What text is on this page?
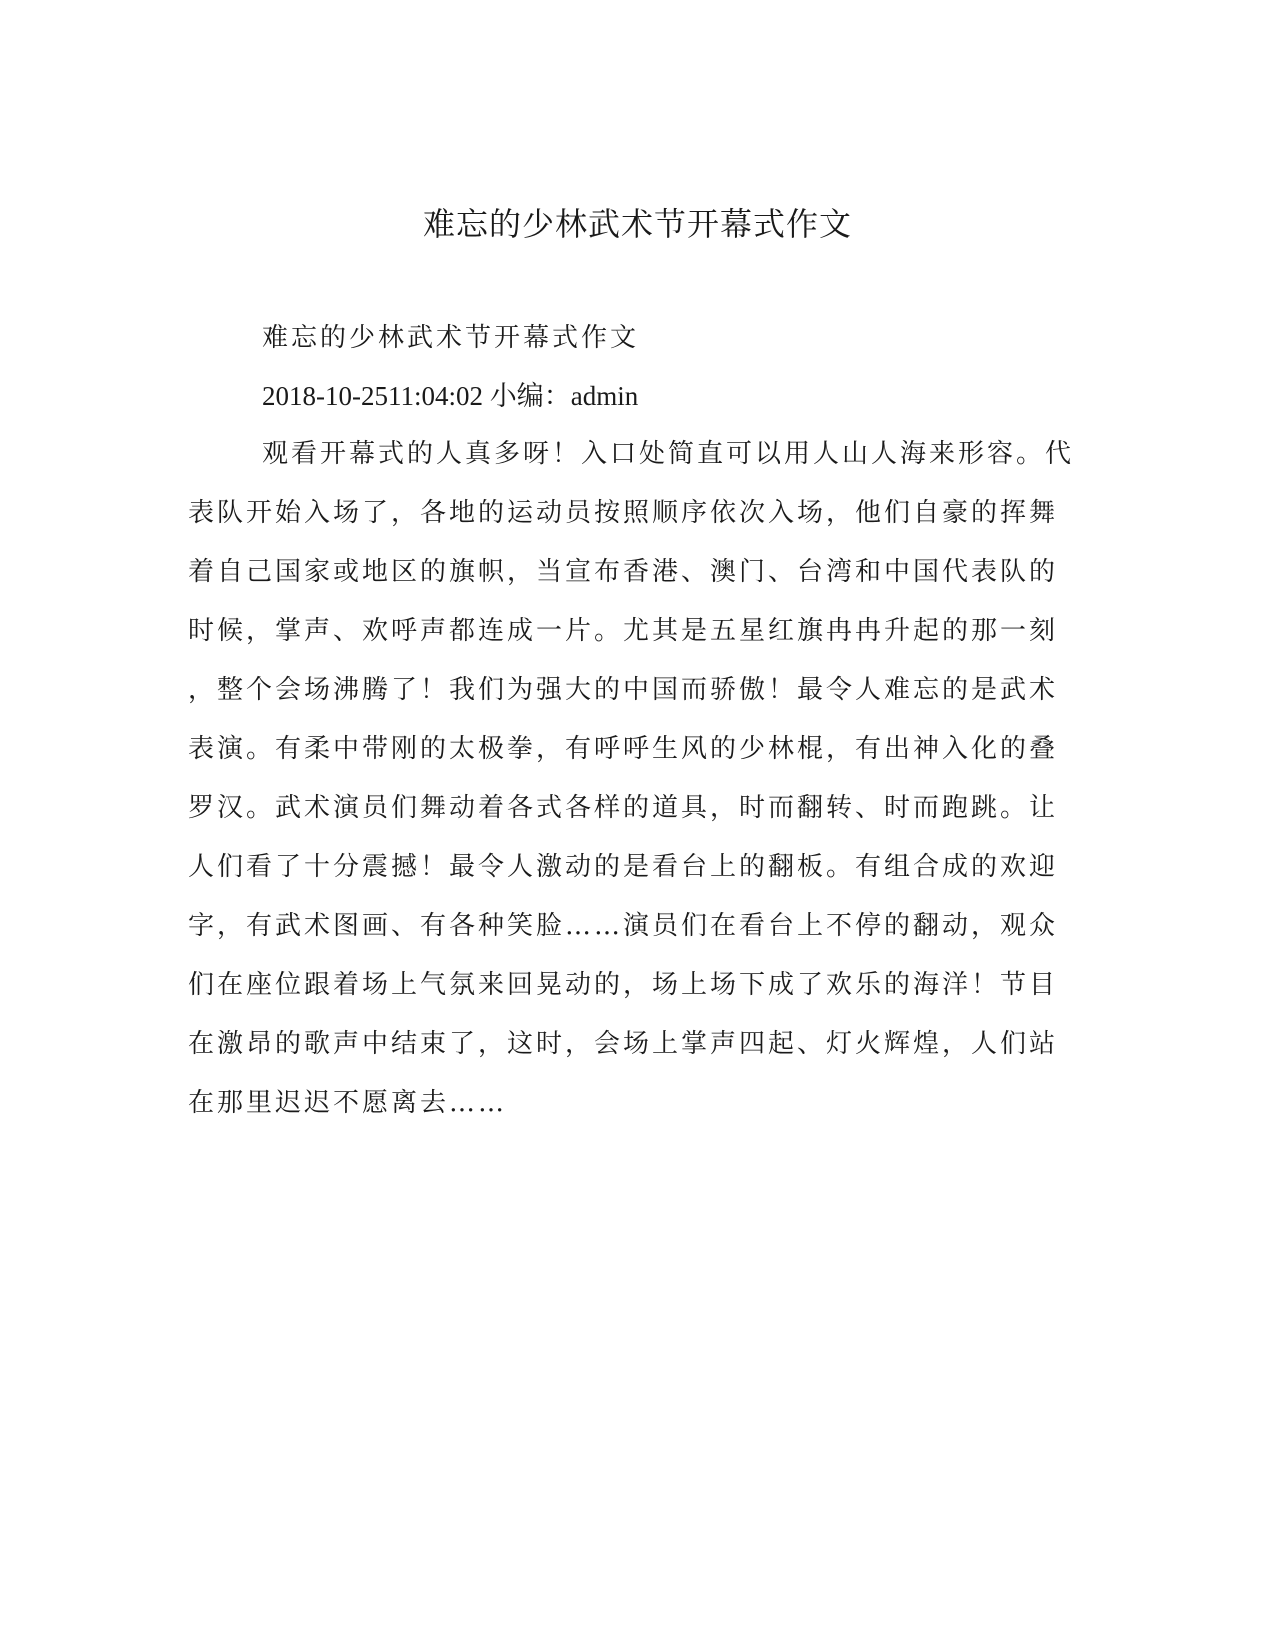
难忘的少林武术节开幕式作文

难忘的少林武术节开幕式作文

2018-10-2511:04:02 小编：admin

观看开幕式的人真多呀！入口处简直可以用人山人海来形容。代

表队开始入场了，各地的运动员按照顺序依次入场，他们自豪的挥舞

着自己国家或地区的旗帜，当宣布香港、澳门、台湾和中国代表队的

时候，掌声、欢呼声都连成一片。尤其是五星红旗冉冉升起的那一刻

，整个会场沸腾了！我们为强大的中国而骄傲！最令人难忘的是武术

表演。有柔中带刚的太极拳，有呼呼生风的少林棍，有出神入化的叠

罗汉。武术演员们舞动着各式各样的道具，时而翻转、时而跑跳。让

人们看了十分震撼！最令人激动的是看台上的翻板。有组合成的欢迎

字，有武术图画、有各种笑脸……演员们在看台上不停的翻动，观众

们在座位跟着场上气氛来回晃动的，场上场下成了欢乐的海洋！节目

在激昂的歌声中结束了，这时，会场上掌声四起、灯火辉煌，人们站

在那里迟迟不愿离去……
